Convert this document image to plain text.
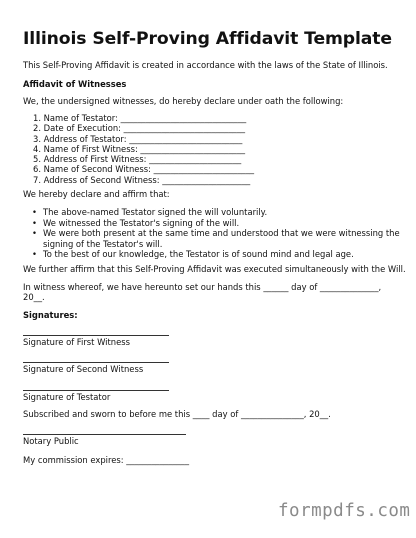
Illinois Self-Proving Affidavit Template
This Self-Proving Affidavit is created in accordance with the laws of the State of Illinois.
Affidavit of Witnesses
We, the undersigned witnesses, do hereby declare under oath the following:
1. Name of Testator: ______________________________
2. Date of Execution: _____________________________
3. Address of Testator: ___________________________
4. Name of First Witness: _________________________
5. Address of First Witness: ______________________
6. Name of Second Witness: ________________________
7. Address of Second Witness: _____________________
We hereby declare and affirm that:
• The above-named Testator signed the will voluntarily.
• We witnessed the Testator's signing of the will.
• We were both present at the same time and understood that we were witnessing the signing of the Testator's will.
• To the best of our knowledge, the Testator is of sound mind and legal age.
We further affirm that this Self-Proving Affidavit was executed simultaneously with the Will.
In witness whereof, we have hereunto set our hands this ______ day of ______________,
20__.
Signatures:
Signature of First Witness
Signature of Second Witness
Signature of Testator
Subscribed and sworn to before me this ____ day of _______________, 20__.
Notary Public
My commission expires: _______________
formpdfs.com
